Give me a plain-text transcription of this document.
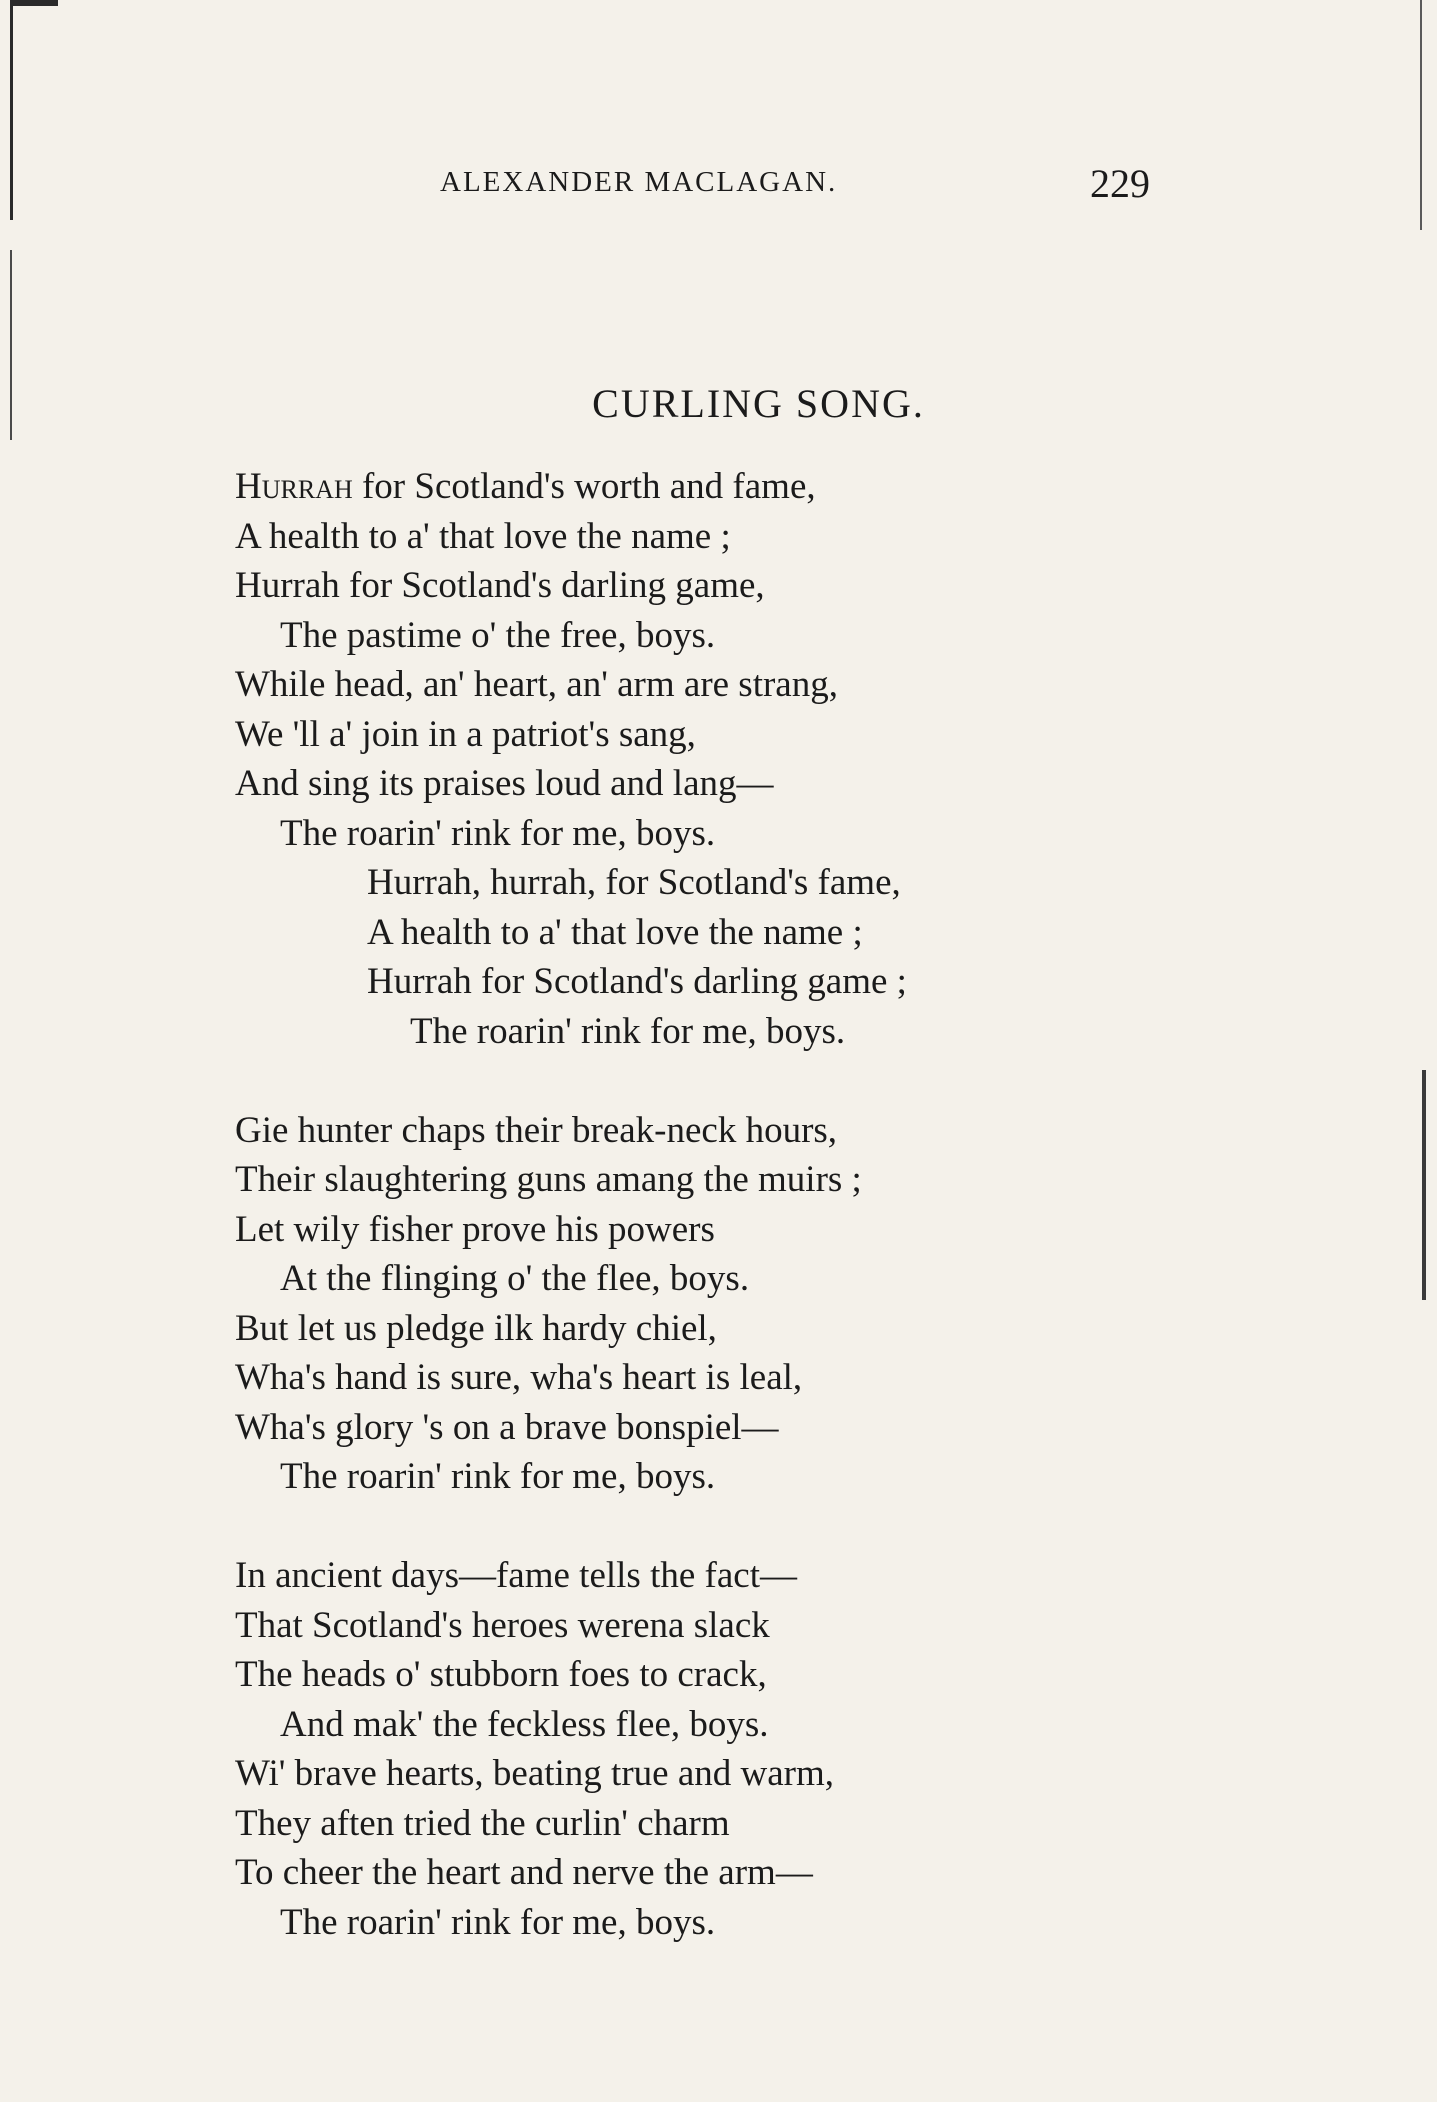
ALEXANDER MACLAGAN.	229
CURLING SONG.
Hurrah for Scotland's worth and fame,
A health to a' that love the name ;
Hurrah for Scotland's darling game,
The pastime o' the free, boys.
While head, an' heart, an' arm are strang,
We 'll a' join in a patriot's sang,
And sing its praises loud and lang—
The roarin' rink for me, boys.
Hurrah, hurrah, for Scotland's fame,
A health to a' that love the name ;
Hurrah for Scotland's darling game ;
The roarin' rink for me, boys.
Gie hunter chaps their break-neck hours,
Their slaughtering guns amang the muirs ;
Let wily fisher prove his powers
At the flinging o' the flee, boys.
But let us pledge ilk hardy chiel,
Wha's hand is sure, wha's heart is leal,
Wha's glory 's on a brave bonspiel—
The roarin' rink for me, boys.
In ancient days—fame tells the fact—
That Scotland's heroes werena slack
The heads o' stubborn foes to crack,
And mak' the feckless flee, boys.
Wi' brave hearts, beating true and warm,
They aften tried the curlin' charm
To cheer the heart and nerve the arm—
The roarin' rink for me, boys.
